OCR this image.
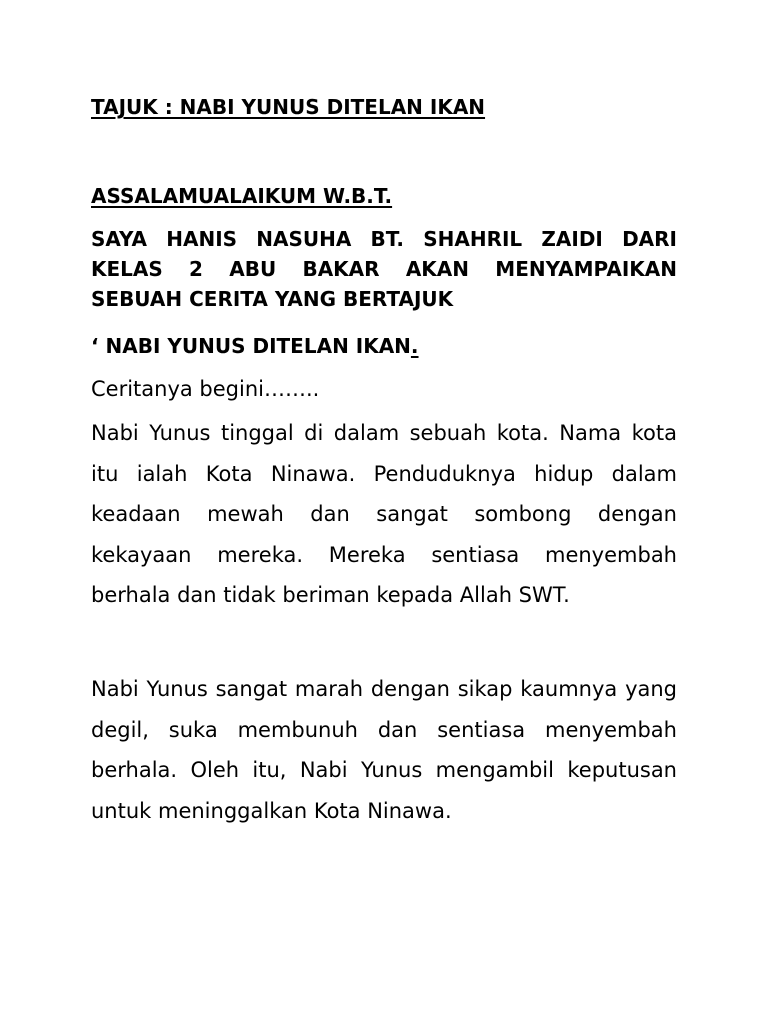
TAJUK : NABI YUNUS DITELAN IKAN

ASSALAMUALAIKUM W.B.T.

SAYA HANIS NASUHA BT. SHAHRIL ZAIDI DARI KELAS 2 ABU BAKAR AKAN MENYAMPAIKAN SEBUAH CERITA YANG BERTAJUK

‘ NABI YUNUS DITELAN IKAN.

Ceritanya begini……..

Nabi Yunus tinggal di dalam sebuah kota. Nama kota itu ialah Kota Ninawa. Penduduknya hidup dalam keadaan mewah dan sangat sombong dengan kekayaan mereka. Mereka sentiasa menyembah berhala dan tidak beriman kepada Allah SWT.

Nabi Yunus sangat marah dengan sikap kaumnya yang degil, suka membunuh dan sentiasa menyembah berhala. Oleh itu, Nabi Yunus mengambil keputusan untuk meninggalkan Kota Ninawa.
